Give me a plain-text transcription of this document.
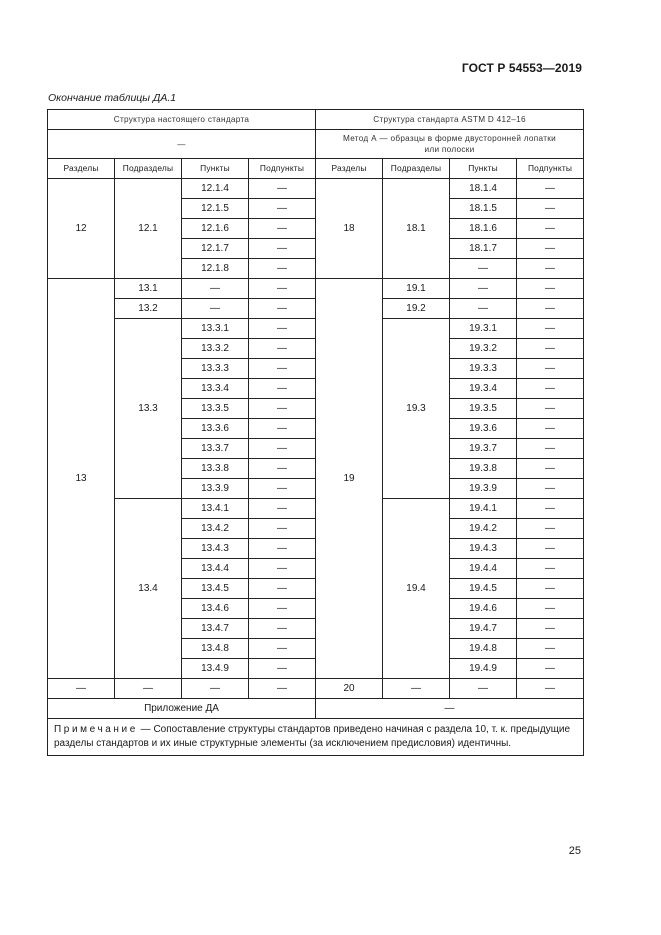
ГОСТ Р 54553—2019
Окончание таблицы ДА.1
Структура настоящего стандарта				Структура стандарта ASTM D 412–16			
—				Метод А — образцы в форме двусторонней лопатки
или полоски			
Разделы	Подразделы	Пункты	Подпункты	Разделы	Подразделы	Пункты	Подпункты
12	12.1	12.1.4	—	18	18.1	18.1.4	—
		12.1.5	—			18.1.5	—
		12.1.6	—			18.1.6	—
		12.1.7	—			18.1.7	—
		12.1.8	—			—	—
13	13.1	—	—	19	19.1	—	—
	13.2	—	—		19.2	—	—
	13.3	13.3.1	—		19.3	19.3.1	—
		13.3.2	—			19.3.2	—
		13.3.3	—			19.3.3	—
		13.3.4	—			19.3.4	—
		13.3.5	—			19.3.5	—
		13.3.6	—			19.3.6	—
		13.3.7	—			19.3.7	—
		13.3.8	—			19.3.8	—
		13.3.9	—			19.3.9	—
	13.4	13.4.1	—		19.4	19.4.1	—
		13.4.2	—			19.4.2	—
		13.4.3	—			19.4.3	—
		13.4.4	—			19.4.4	—
		13.4.5	—			19.4.5	—
		13.4.6	—			19.4.6	—
		13.4.7	—			19.4.7	—
		13.4.8	—			19.4.8	—
		13.4.9	—			19.4.9	—
—	—	—	—	20	—	—	—
Приложение ДА				—			
Примечание — Сопоставление структуры стандартов приведено начиная с раздела 10, т. к. предыдущие разделы стандартов и их иные структурные элементы (за исключением предисловия) идентичны.							
25
